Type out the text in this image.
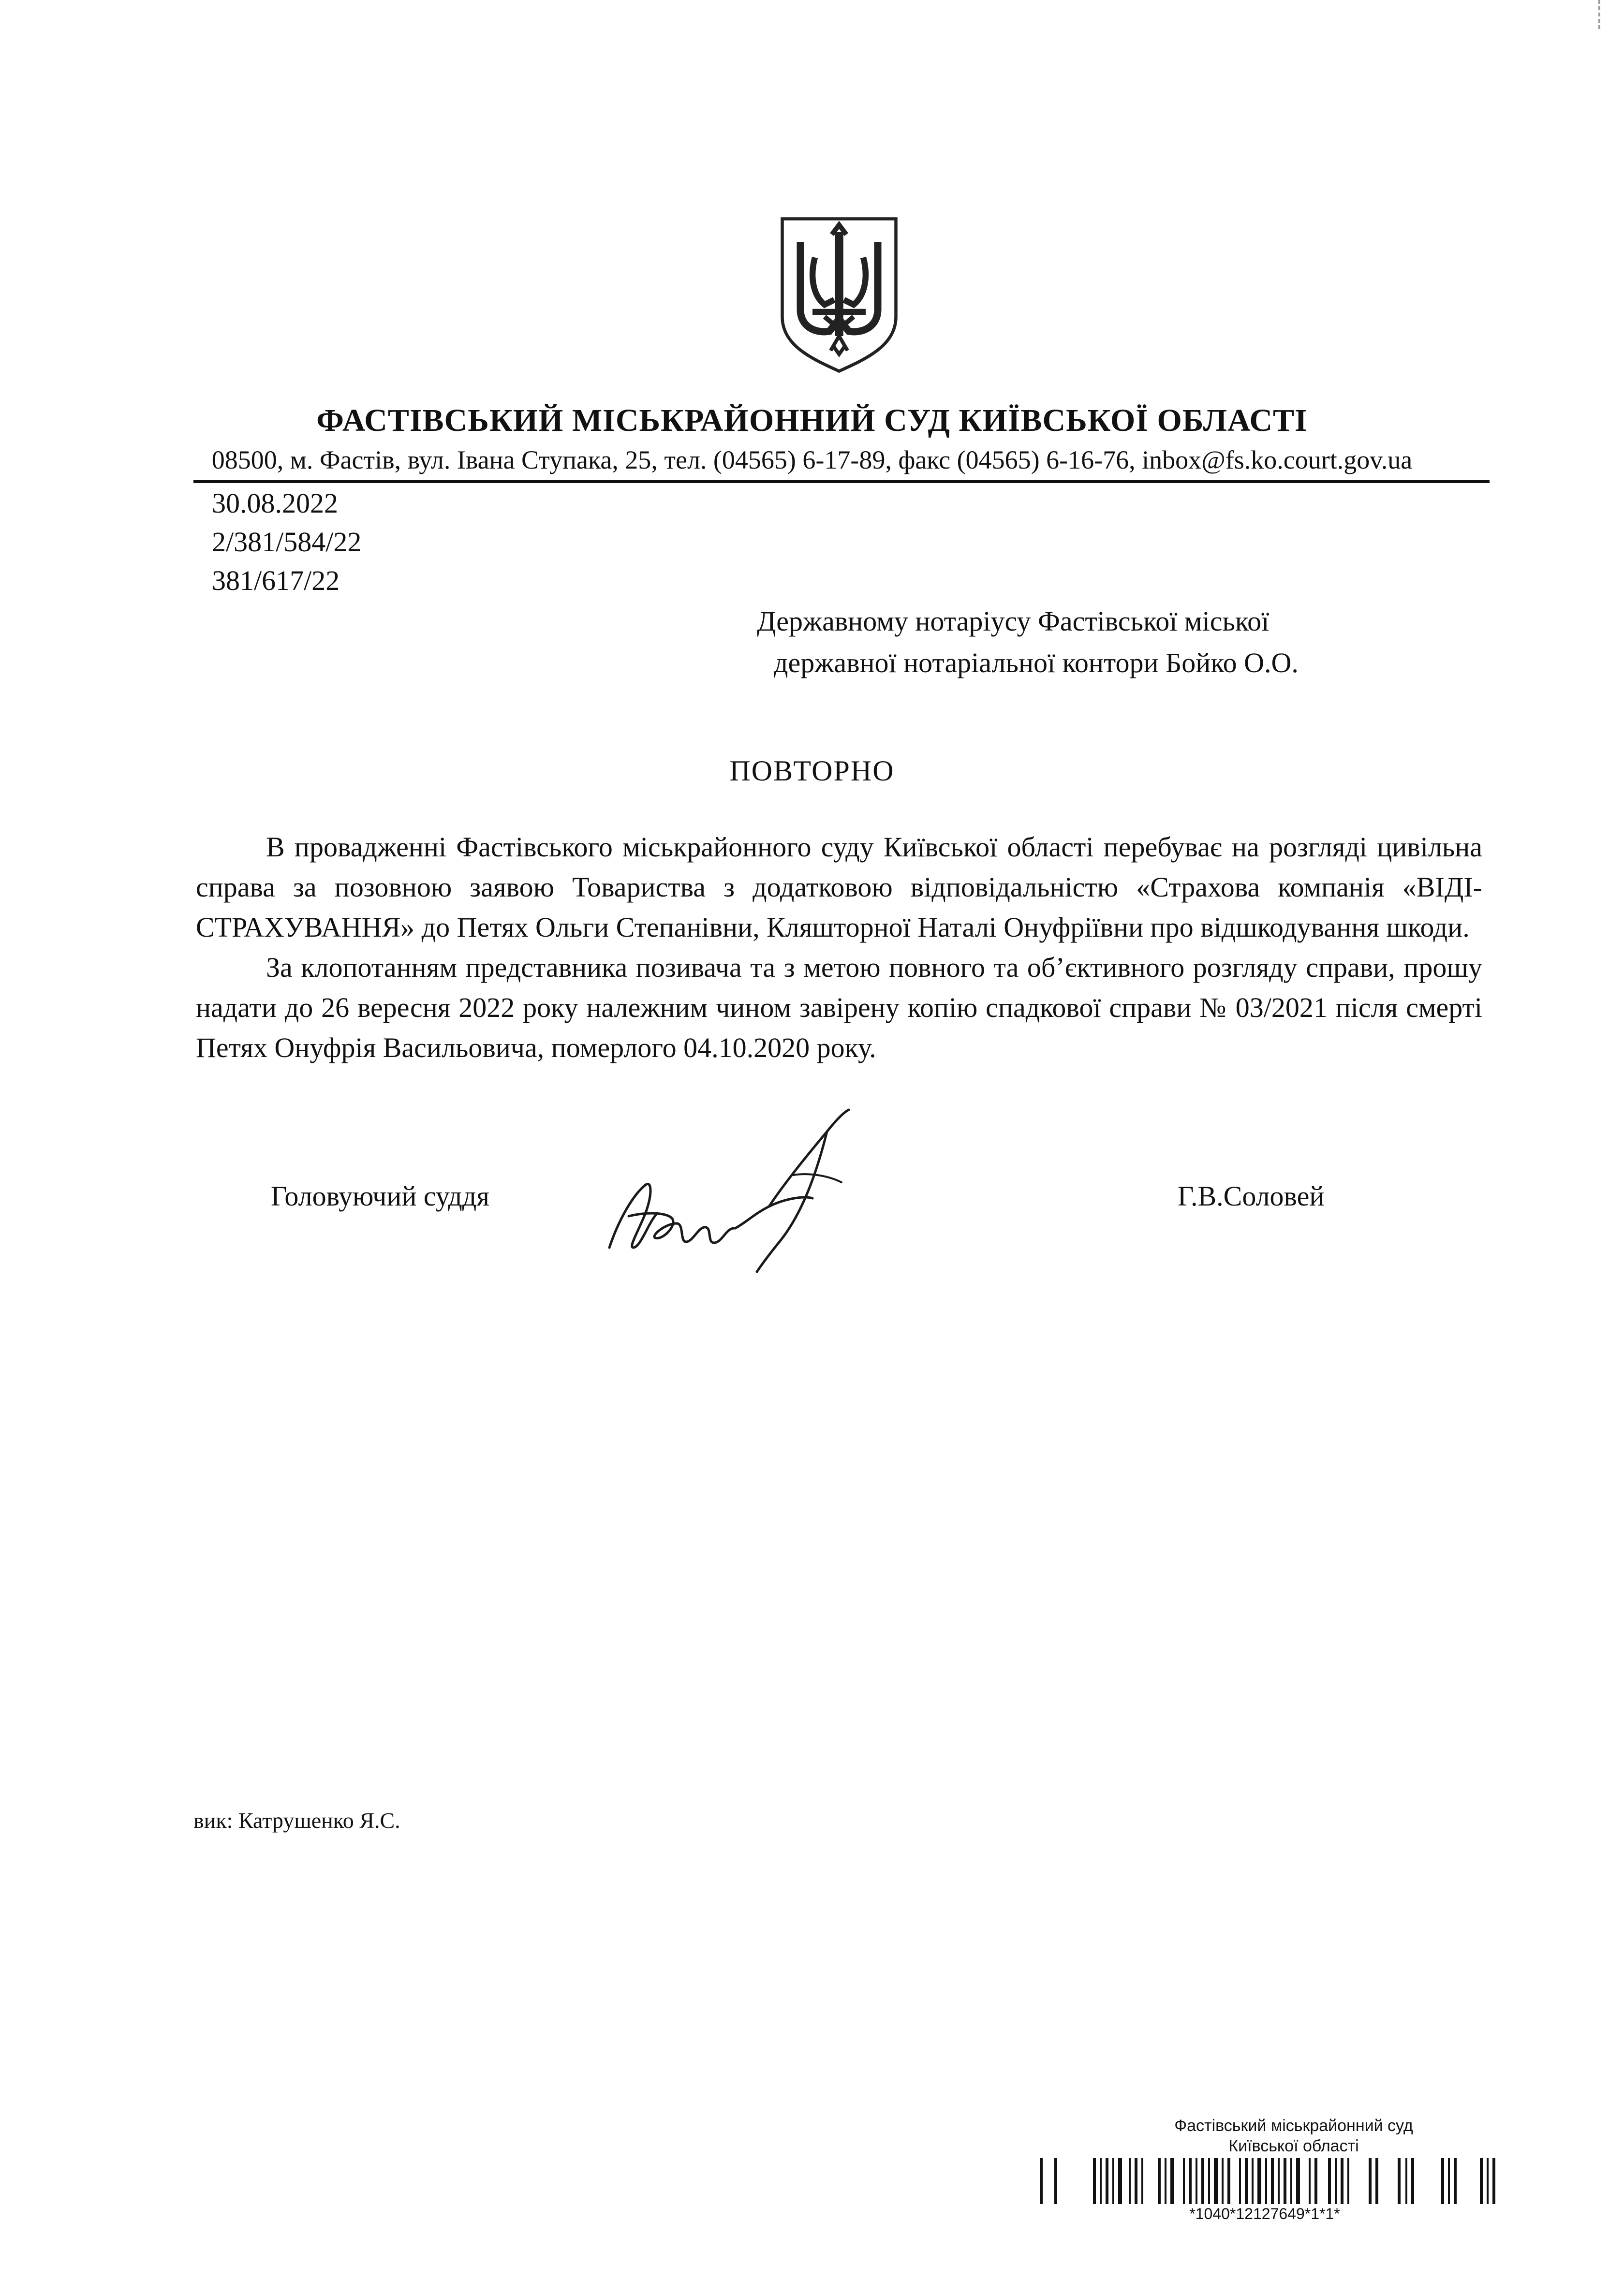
ФАСТІВСЬКИЙ МІСЬКРАЙОННИЙ СУД КИЇВСЬКОЇ ОБЛАСТІ
08500, м. Фастів, вул. Івана Ступака, 25, тел. (04565) 6-17-89, факс (04565) 6-16-76, inbox@fs.ko.court.gov.ua
30.08.2022
2/381/584/22
381/617/22
Державному нотаріусу Фастівської міської
державної нотаріальної контори Бойко О.О.
ПОВТОРНО

В провадженні Фастівського міськрайонного суду Київської області перебуває на розгляді цивільна справа за позовною заявою Товариства з додатковою відповідальністю «Страхова компанія «ВІДІ-СТРАХУВАННЯ» до Петях Ольги Степанівни, Кляшторної Наталі Онуфріївни про відшкодування шкоди.

За клопотанням представника позивача та з метою повного та об’єктивного розгляду справи, прошу надати до 26 вересня 2022 року належним чином завірену копію спадкової справи № 03/2021 після смерті Петях Онуфрія Васильовича, померлого 04.10.2020 року.

Головуючий суддя	Г.В.Соловей
вик: Катрушенко Я.С.
Фастівський міськрайонний суд
Київської області
*1040*12127649*1*1*
